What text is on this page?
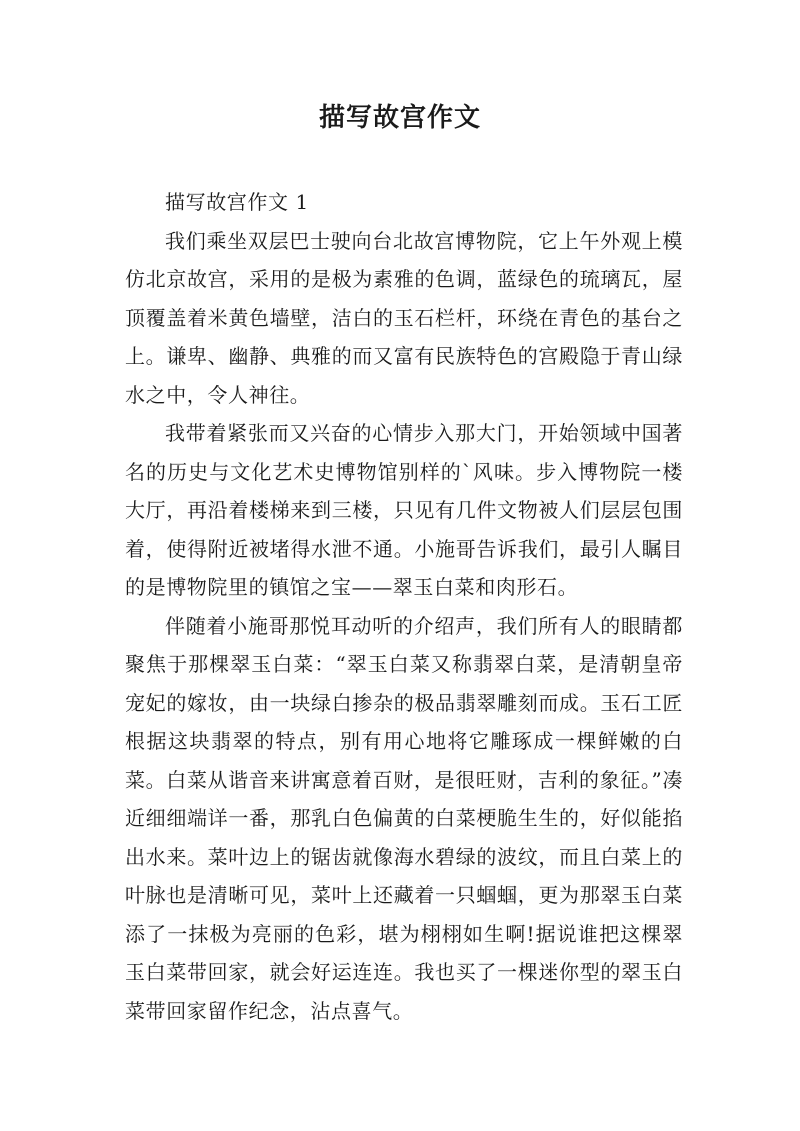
描写故宫作文

描写故宫作文 1

我们乘坐双层巴士驶向台北故宫博物院，它上午外观上模仿北京故宫，采用的是极为素雅的色调，蓝绿色的琉璃瓦，屋顶覆盖着米黄色墙壁，洁白的玉石栏杆，环绕在青色的基台之上。谦卑、幽静、典雅的而又富有民族特色的宫殿隐于青山绿水之中，令人神往。

我带着紧张而又兴奋的心情步入那大门，开始领域中国著名的历史与文化艺术史博物馆别样的`风味。步入博物院一楼大厅，再沿着楼梯来到三楼，只见有几件文物被人们层层包围着，使得附近被堵得水泄不通。小施哥告诉我们，最引人瞩目的是博物院里的镇馆之宝——翠玉白菜和肉形石。

伴随着小施哥那悦耳动听的介绍声，我们所有人的眼睛都聚焦于那棵翠玉白菜：“翠玉白菜又称翡翠白菜，是清朝皇帝宠妃的嫁妆，由一块绿白掺杂的极品翡翠雕刻而成。玉石工匠根据这块翡翠的特点，别有用心地将它雕琢成一棵鲜嫩的白菜。白菜从谐音来讲寓意着百财，是很旺财，吉利的象征。”凑近细细端详一番，那乳白色偏黄的白菜梗脆生生的，好似能掐出水来。菜叶边上的锯齿就像海水碧绿的波纹，而且白菜上的叶脉也是清晰可见，菜叶上还藏着一只蝈蝈，更为那翠玉白菜添了一抹极为亮丽的色彩，堪为栩栩如生啊!据说谁把这棵翠玉白菜带回家，就会好运连连。我也买了一棵迷你型的翠玉白菜带回家留作纪念，沾点喜气。
